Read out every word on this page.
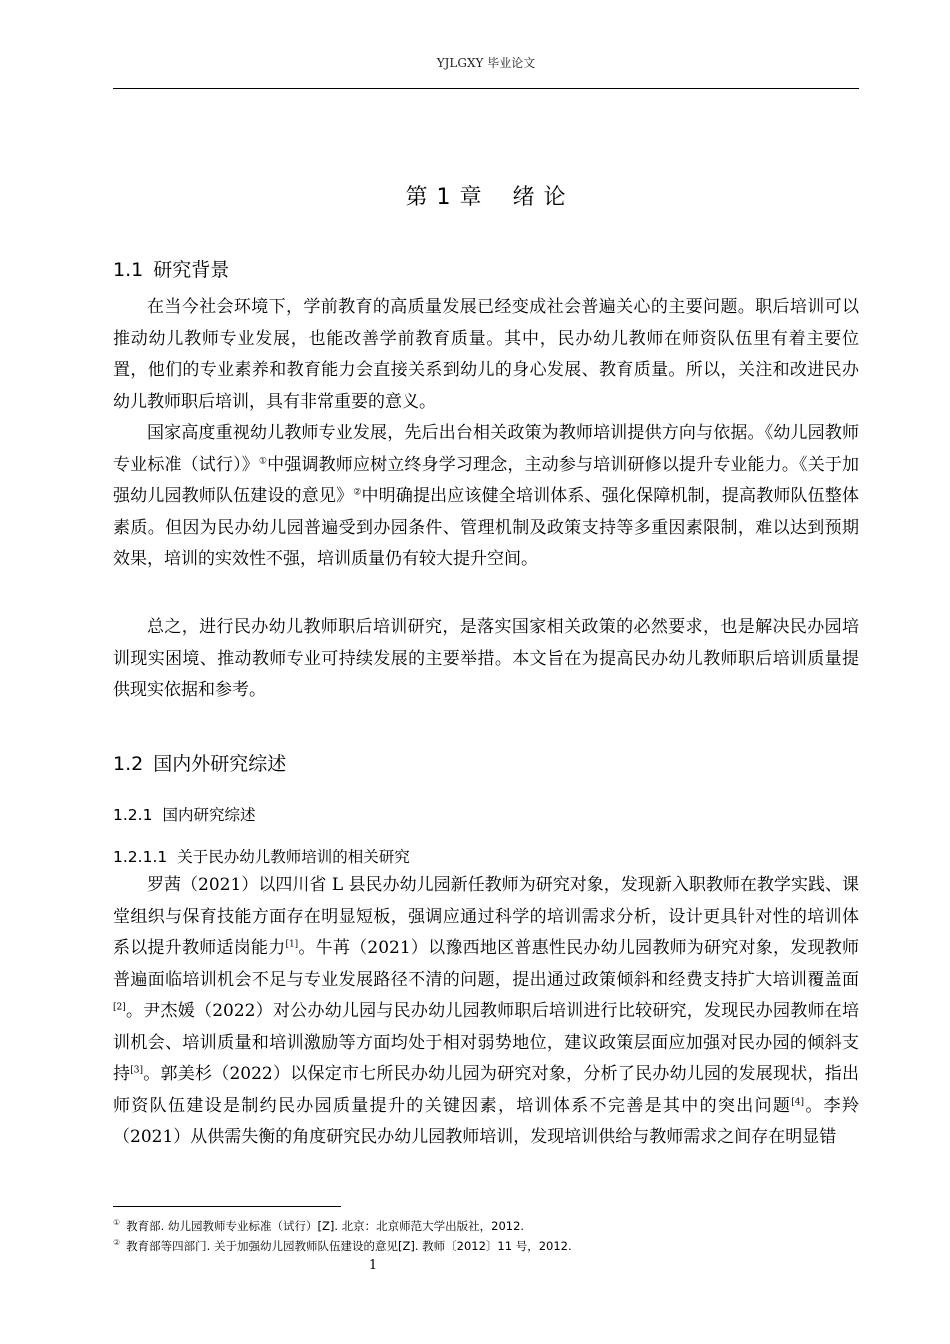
YJLGXY 毕业论文
第 1 章 绪 论
1.1 研究背景

在当今社会环境下，学前教育的高质量发展已经变成社会普遍关心的主要问题。职后培训可以推动幼儿教师专业发展，也能改善学前教育质量。其中，民办幼儿教师在师资队伍里有着主要位置，他们的专业素养和教育能力会直接关系到幼儿的身心发展、教育质量。所以，关注和改进民办幼儿教师职后培训，具有非常重要的意义。

国家高度重视幼儿教师专业发展，先后出台相关政策为教师培训提供方向与依据。《幼儿园教师专业标准（试行）》①中强调教师应树立终身学习理念，主动参与培训研修以提升专业能力。《关于加强幼儿园教师队伍建设的意见》②中明确提出应该健全培训体系、强化保障机制，提高教师队伍整体素质。但因为民办幼儿园普遍受到办园条件、管理机制及政策支持等多重因素限制，难以达到预期效果，培训的实效性不强，培训质量仍有较大提升空间。

总之，进行民办幼儿教师职后培训研究，是落实国家相关政策的必然要求，也是解决民办园培训现实困境、推动教师专业可持续发展的主要举措。本文旨在为提高民办幼儿教师职后培训质量提供现实依据和参考。

1.2 国内外研究综述
1.2.1 国内研究综述
1.2.1.1 关于民办幼儿教师培训的相关研究

罗茜（2021）以四川省 L 县民办幼儿园新任教师为研究对象，发现新入职教师在教学实践、课堂组织与保育技能方面存在明显短板，强调应通过科学的培训需求分析，设计更具针对性的培训体系以提升教师适岗能力[1]。牛苒（2021）以豫西地区普惠性民办幼儿园教师为研究对象，发现教师普遍面临培训机会不足与专业发展路径不清的问题，提出通过政策倾斜和经费支持扩大培训覆盖面[2]。尹杰媛（2022）对公办幼儿园与民办幼儿园教师职后培训进行比较研究，发现民办园教师在培训机会、培训质量和培训激励等方面均处于相对弱势地位，建议政策层面应加强对民办园的倾斜支持[3]。郭美杉（2022）以保定市七所民办幼儿园为研究对象，分析了民办幼儿园的发展现状，指出师资队伍建设是制约民办园质量提升的关键因素，培训体系不完善是其中的突出问题[4]。李羚（2021）从供需失衡的角度研究民办幼儿园教师培训，发现培训供给与教师需求之间存在明显错

① 教育部. 幼儿园教师专业标准（试行）[Z]. 北京：北京师范大学出版社，2012.
② 教育部等四部门. 关于加强幼儿园教师队伍建设的意见[Z]. 教师〔2012〕11 号，2012.
1
